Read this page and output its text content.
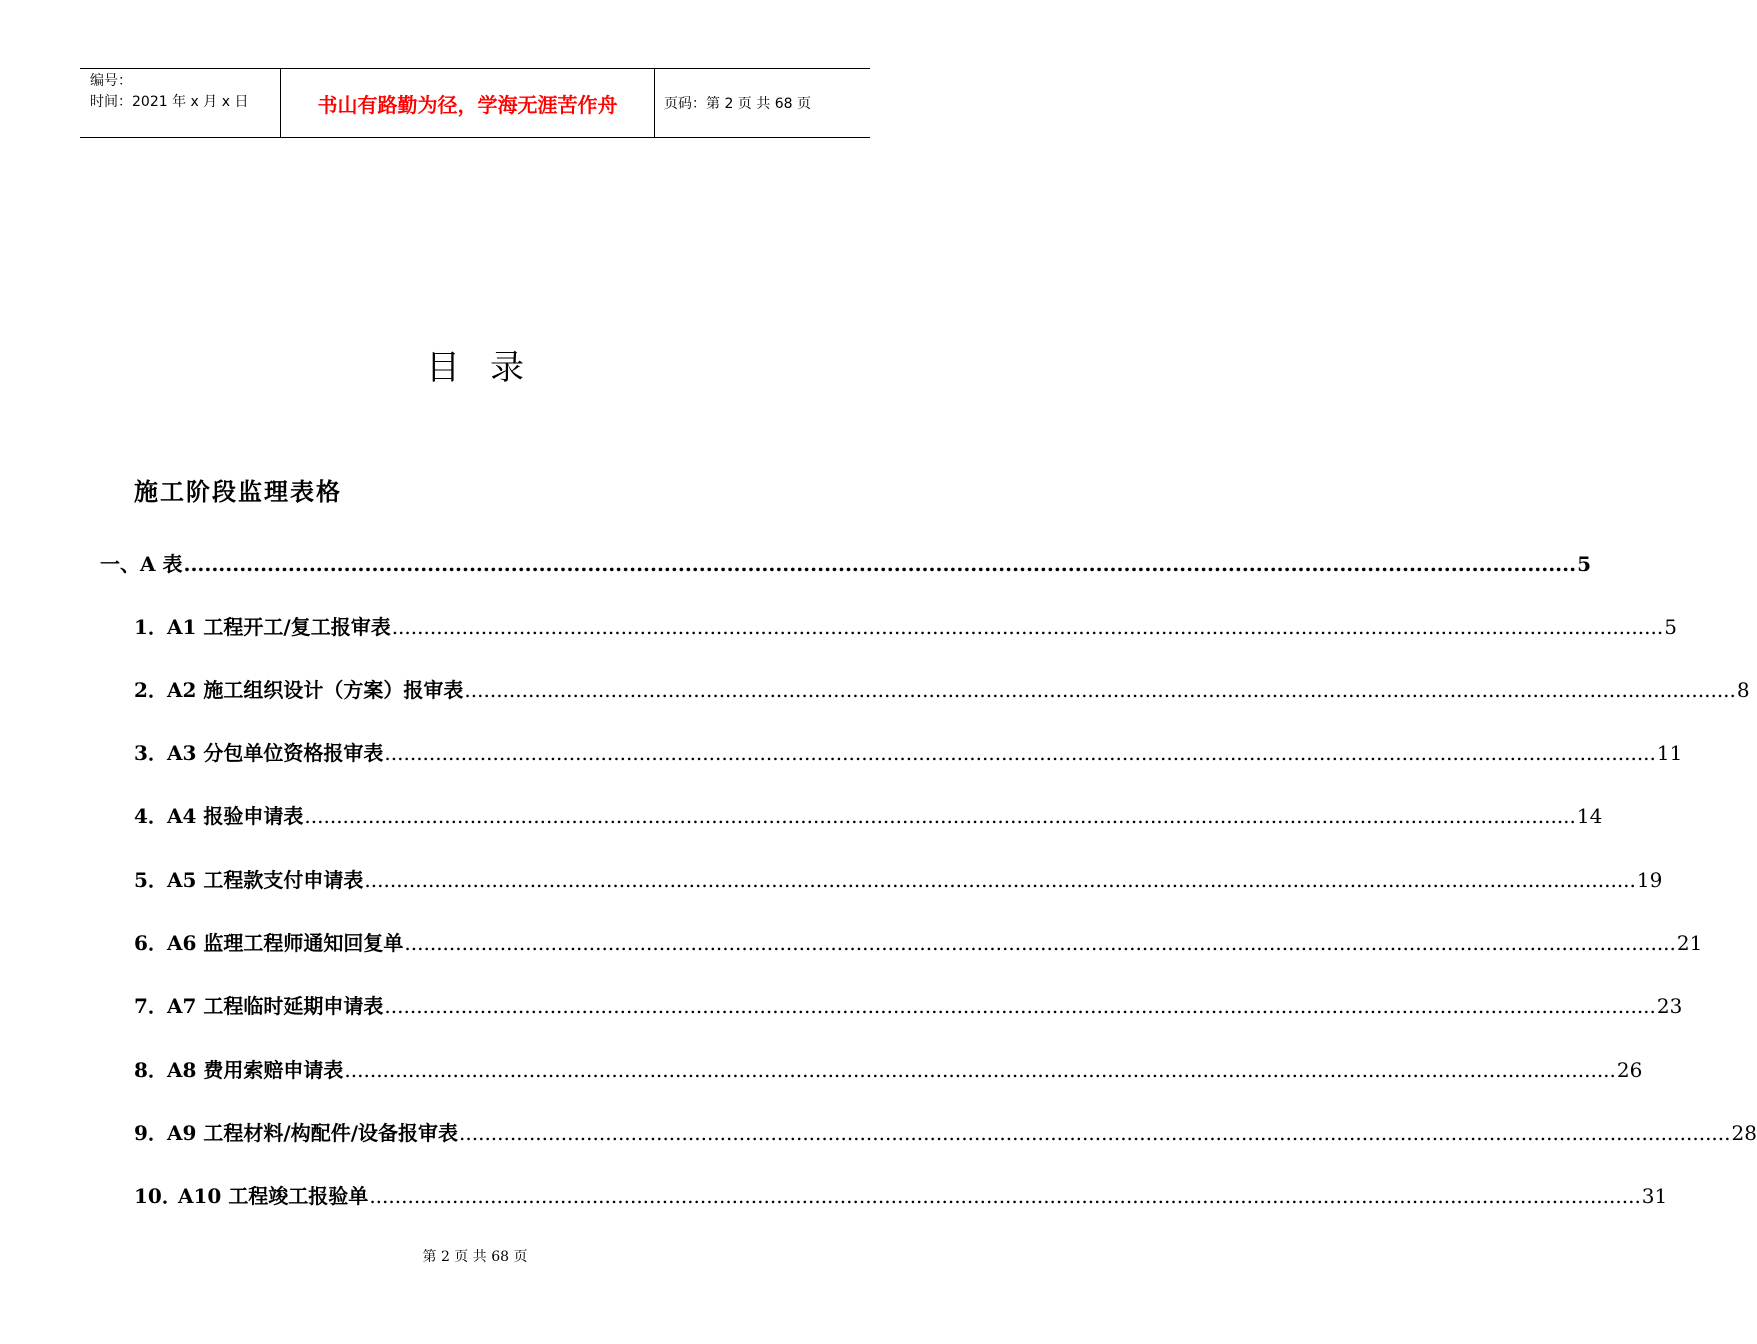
编号：
时间：2021 年 x 月 x 日	书山有路勤为径，学海无涯苦作舟	页码：第 2 页 共 68 页
目录
施工阶段监理表格
一、 A 表 ........................................................................................................................................................................................................ 5
1． A1 工程开工/复工报审表 ........................................................................................................................................................................................................ 5
2． A2 施工组织设计（方案）报审表 ........................................................................................................................................................................................................ 8
3． A3 分包单位资格报审表 ........................................................................................................................................................................................................ 11
4． A4 报验申请表 ........................................................................................................................................................................................................ 14
5． A5 工程款支付申请表 ........................................................................................................................................................................................................ 19
6． A6 监理工程师通知回复单 ........................................................................................................................................................................................................ 21
7． A7 工程临时延期申请表 ........................................................................................................................................................................................................ 23
8． A8 费用索赔申请表 ........................................................................................................................................................................................................ 26
9． A9 工程材料/构配件/设备报审表 ........................................................................................................................................................................................................ 28
10．
A10 工程竣工报验单 ........................................................................................................................................................................................................ 31
第 2 页 共 68 页
